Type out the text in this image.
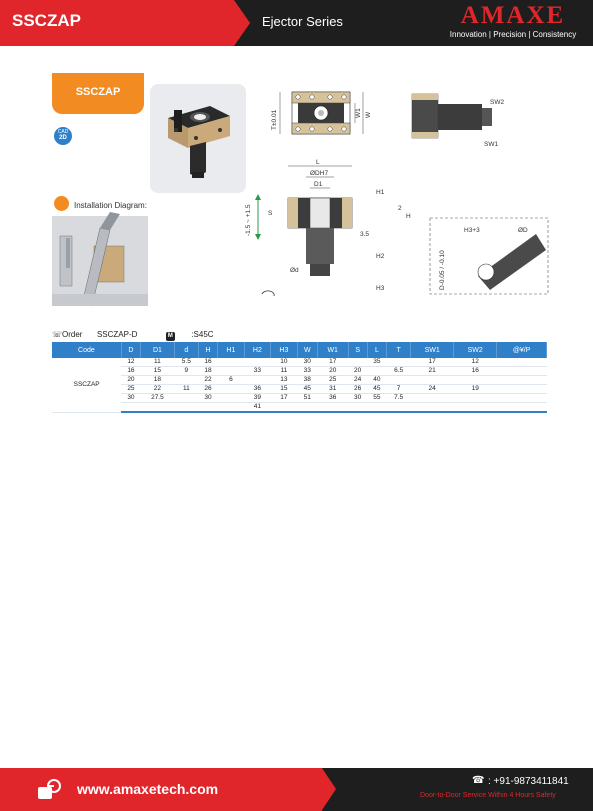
SSCZAP	Ejector Series	AMAXE
Innovation | Precision | Consistency
SSCZAP
CAD
2D
Installation Diagram:
T±0.01	W1 W
SW2
SW1
L
ØDH7
D1
H1
2
H
S
3.5
H2
H3
Ød
-1.5 ~ +1.5	H3+3	ØD
D-0.05 / -0.10
☏Order SSCZAP-D	M :S45C
Code	D	D1	d	H	H1	H2	H3	W	W1	S	L	T	SW1	SW2	@¥/P
SSCZAP	12	11	5.5	16			10	30	17		35		17	12	
	16	15	9	18		33	11	33	20	20		6.5	21	16	
	20	18		22	6		13	38	25	24	40				
	25	22	11	26		36	15	45	31	26	45	7	24	19	
	30	27.5		30		39	17	51	36	30	55	7.5			
						41									
www.amaxetech.com
☎ : +91-9873411841
Door-to-Door Service Within 4 Hours Safety
